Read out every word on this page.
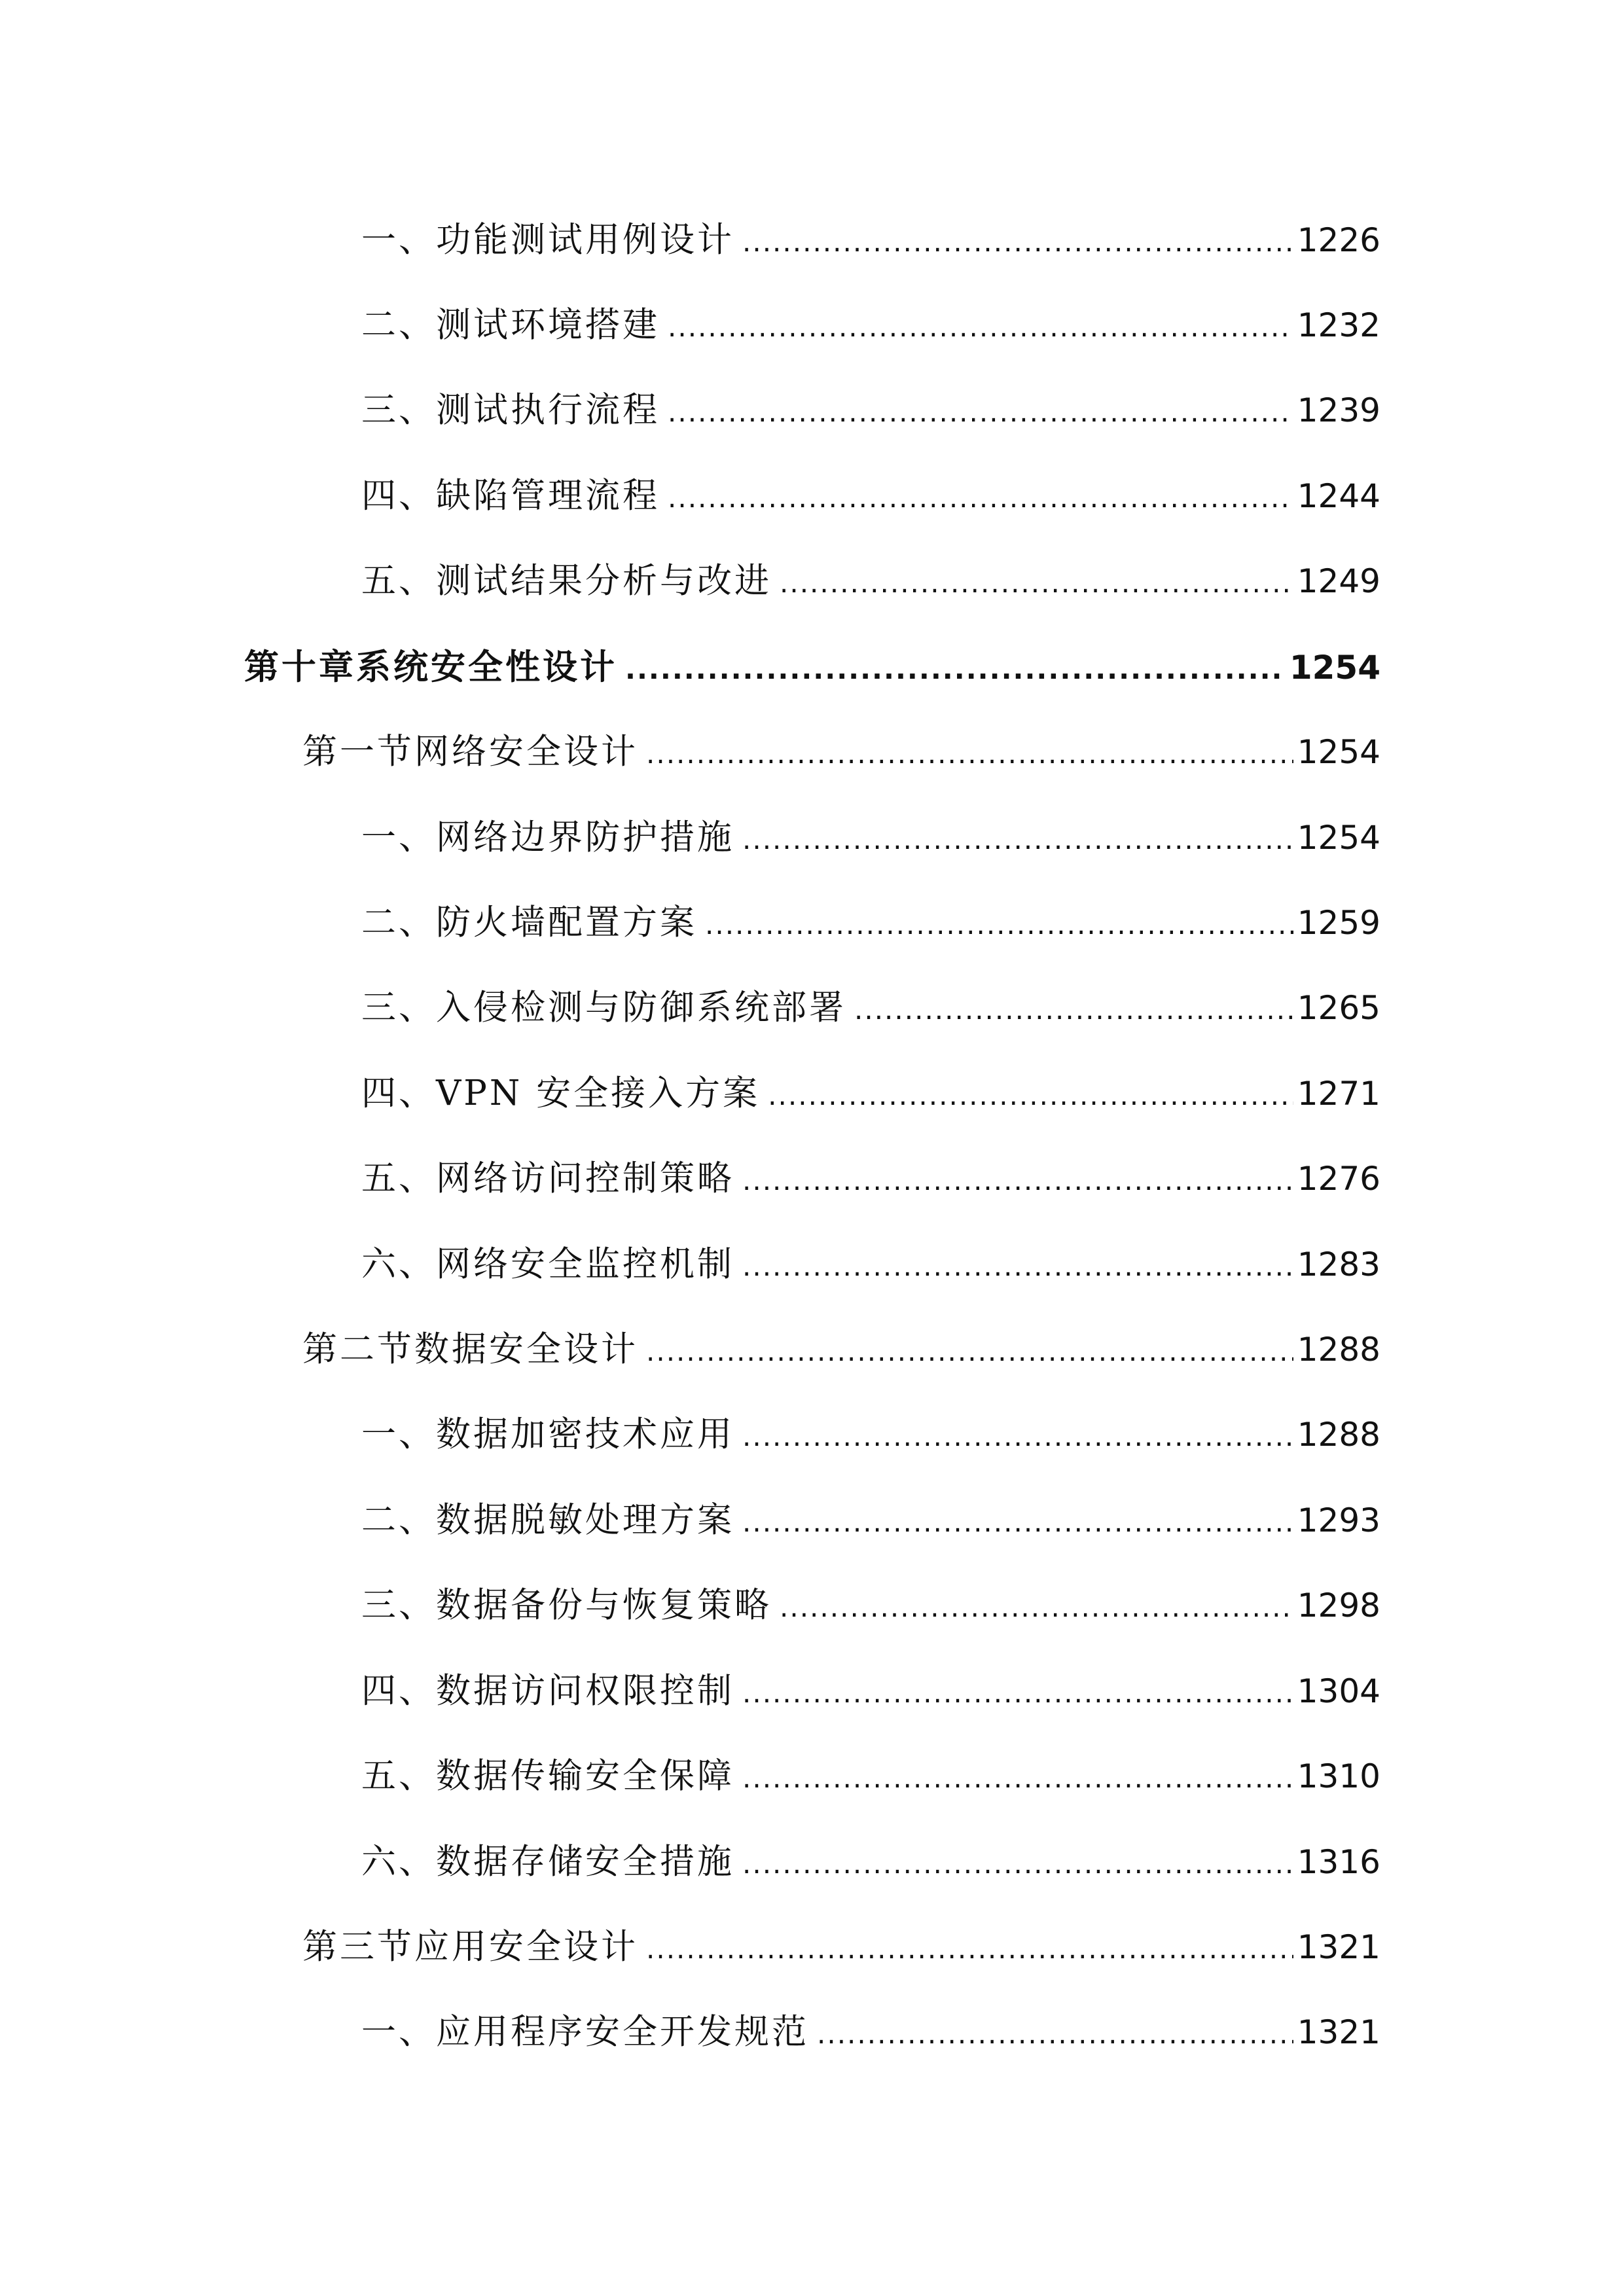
一、功能测试用例设计 .....	1226
二、测试环境搭建 .....	1232
三、测试执行流程 .....	1239
四、缺陷管理流程 .....	1244
五、测试结果分析与改进 .....	1249
第十章系统安全性设计 .....	1254
第一节网络安全设计 .....	1254
一、网络边界防护措施 .....	1254
二、防火墙配置方案 .....	1259
三、入侵检测与防御系统部署 .....	1265
四、VPN 安全接入方案 .....	1271
五、网络访问控制策略 .....	1276
六、网络安全监控机制 .....	1283
第二节数据安全设计 .....	1288
一、数据加密技术应用 .....	1288
二、数据脱敏处理方案 .....	1293
三、数据备份与恢复策略 .....	1298
四、数据访问权限控制 .....	1304
五、数据传输安全保障 .....	1310
六、数据存储安全措施 .....	1316
第三节应用安全设计 .....	1321
一、应用程序安全开发规范 .....	1321
